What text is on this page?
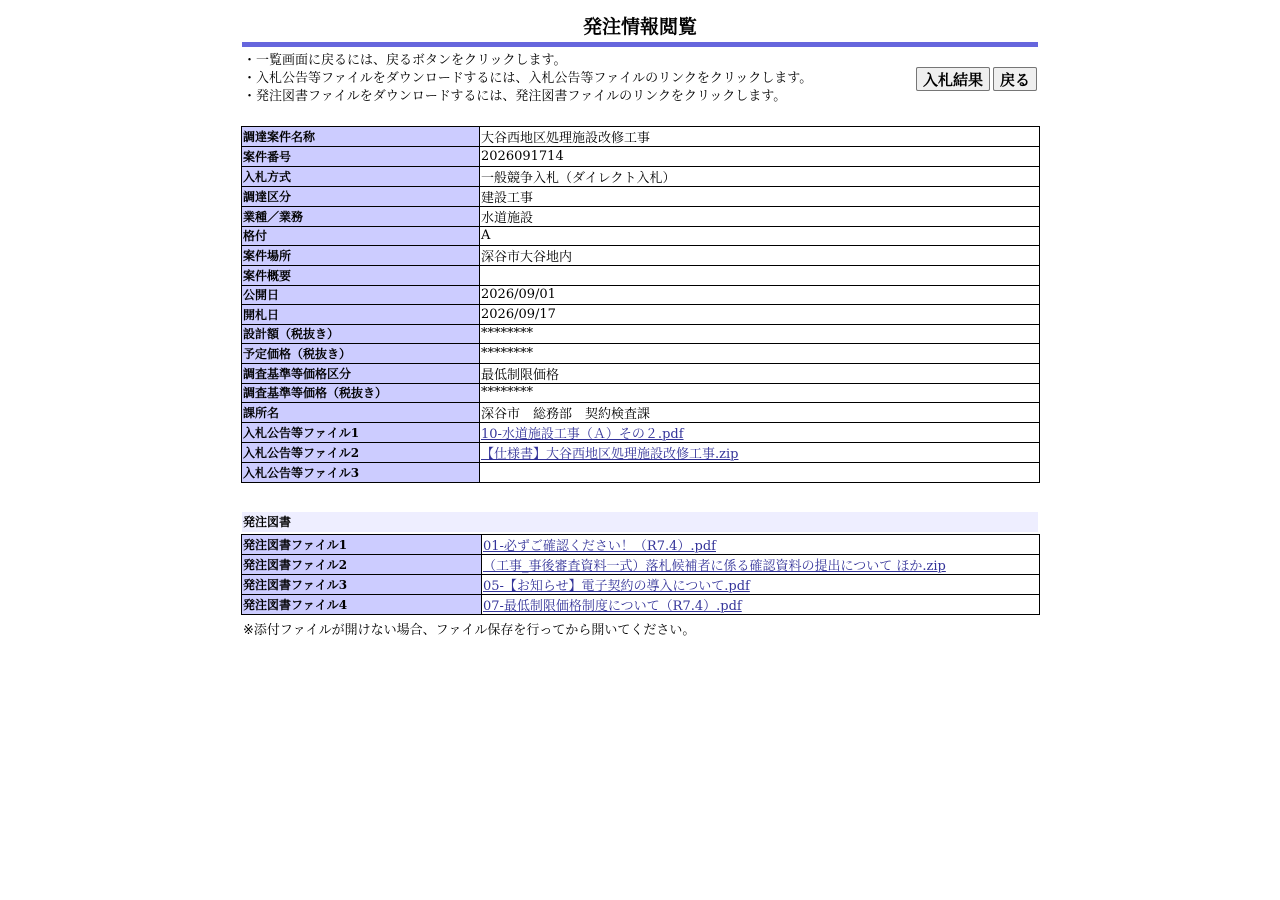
発注情報閲覧
・一覧画面に戻るには、戻るボタンをクリックします。
・入札公告等ファイルをダウンロードするには、入札公告等ファイルのリンクをクリックします。
・発注図書ファイルをダウンロードするには、発注図書ファイルのリンクをクリックします。
入札結果	戻る
調達案件名称	大谷西地区処理施設改修工事
案件番号	2026091714
入札方式	一般競争入札（ダイレクト入札）
調達区分	建設工事
業種／業務	水道施設
格付	A
案件場所	深谷市大谷地内
案件概要	
公開日	2026/09/01
開札日	2026/09/17
設計額（税抜き）	********
予定価格（税抜き）	********
調査基準等価格区分	最低制限価格
調査基準等価格（税抜き）	********
課所名	深谷市　総務部　契約検査課
入札公告等ファイル1	10-水道施設工事（Ａ）その２.pdf
入札公告等ファイル2	【仕様書】大谷西地区処理施設改修工事.zip
入札公告等ファイル3	
発注図書
発注図書ファイル1	01-必ずご確認ください！（R7.4）.pdf
発注図書ファイル2	（工事_事後審査資料一式）落札候補者に係る確認資料の提出について ほか.zip
発注図書ファイル3	05-【お知らせ】電子契約の導入について.pdf
発注図書ファイル4	07-最低制限価格制度について（R7.4）.pdf
※添付ファイルが開けない場合、ファイル保存を行ってから開いてください。
